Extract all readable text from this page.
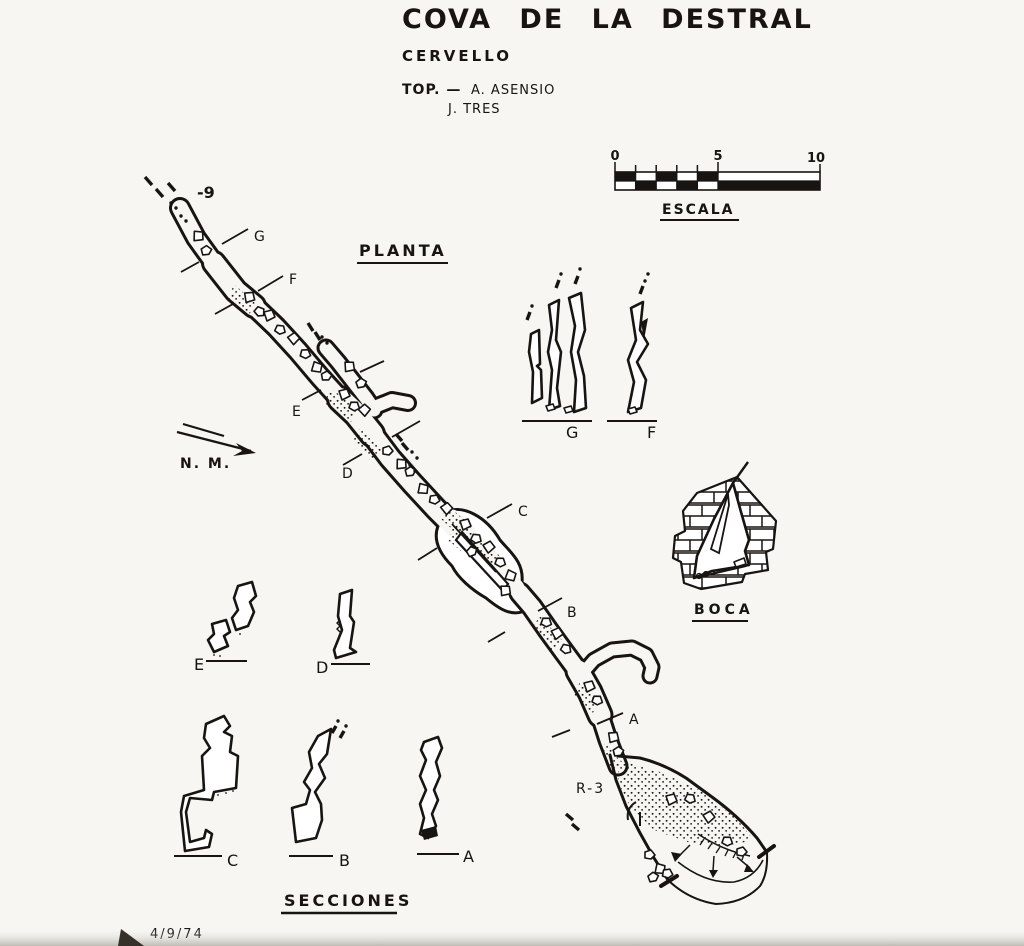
COVA DE LA DESTRAL
CERVELLO
TOP. — A. ASENSIO
J. TRES
0	5	10
ESCALA
PLANTA
-9
N. M.
G
F
E
D
C
B
A
R-3
BOCA
G	F
E	D
C	B	A
SECCIONES
